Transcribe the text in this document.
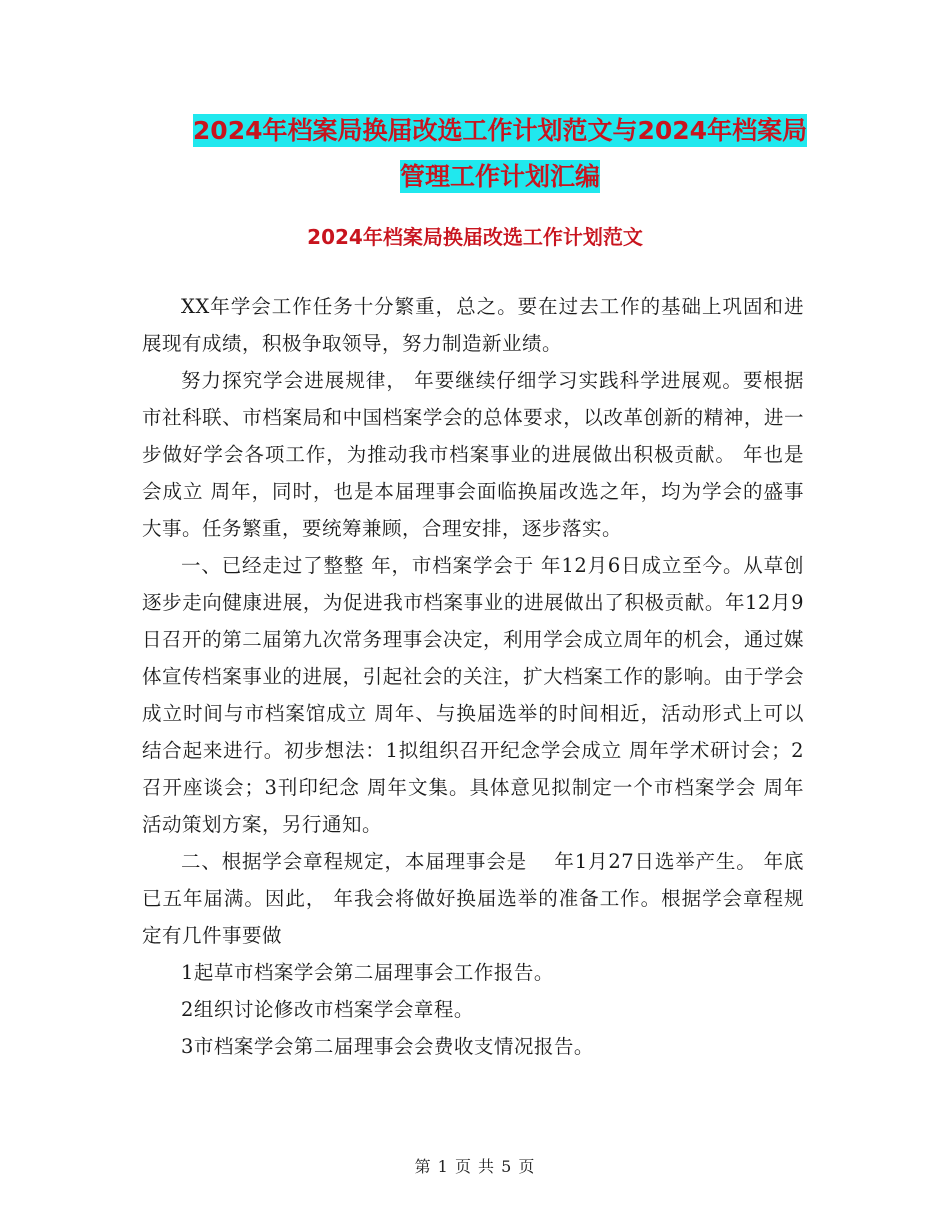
2024年档案局换届改选工作计划范文与2024年档案局
管理工作计划汇编
2024年档案局换届改选工作计划范文

XX年学会工作任务十分繁重，总之。要在过去工作的基础上巩固和进展现有成绩，积极争取领导，努力制造新业绩。

努力探究学会进展规律， 年要继续仔细学习实践科学进展观。要根据市社科联、市档案局和中国档案学会的总体要求，以改革创新的精神，进一步做好学会各项工作，为推动我市档案事业的进展做出积极贡献。 年也是会成立 周年，同时，也是本届理事会面临换届改选之年，均为学会的盛事大事。任务繁重，要统筹兼顾，合理安排，逐步落实。

一、已经走过了整整 年，市档案学会于 年12月6日成立至今。从草创逐步走向健康进展，为促进我市档案事业的进展做出了积极贡献。年12月9日召开的第二届第九次常务理事会决定，利用学会成立周年的机会，通过媒体宣传档案事业的进展，引起社会的关注，扩大档案工作的影响。由于学会成立时间与市档案馆成立 周年、与换届选举的时间相近，活动形式上可以结合起来进行。初步想法：1拟组织召开纪念学会成立 周年学术研讨会；2召开座谈会；3刊印纪念 周年文集。具体意见拟制定一个市档案学会 周年活动策划方案，另行通知。

二、根据学会章程规定，本届理事会是　 年1月27日选举产生。 年底已五年届满。因此， 年我会将做好换届选举的准备工作。根据学会章程规定有几件事要做

1起草市档案学会第二届理事会工作报告。

2组织讨论修改市档案学会章程。

3市档案学会第二届理事会会费收支情况报告。

第 1 页 共 5 页
